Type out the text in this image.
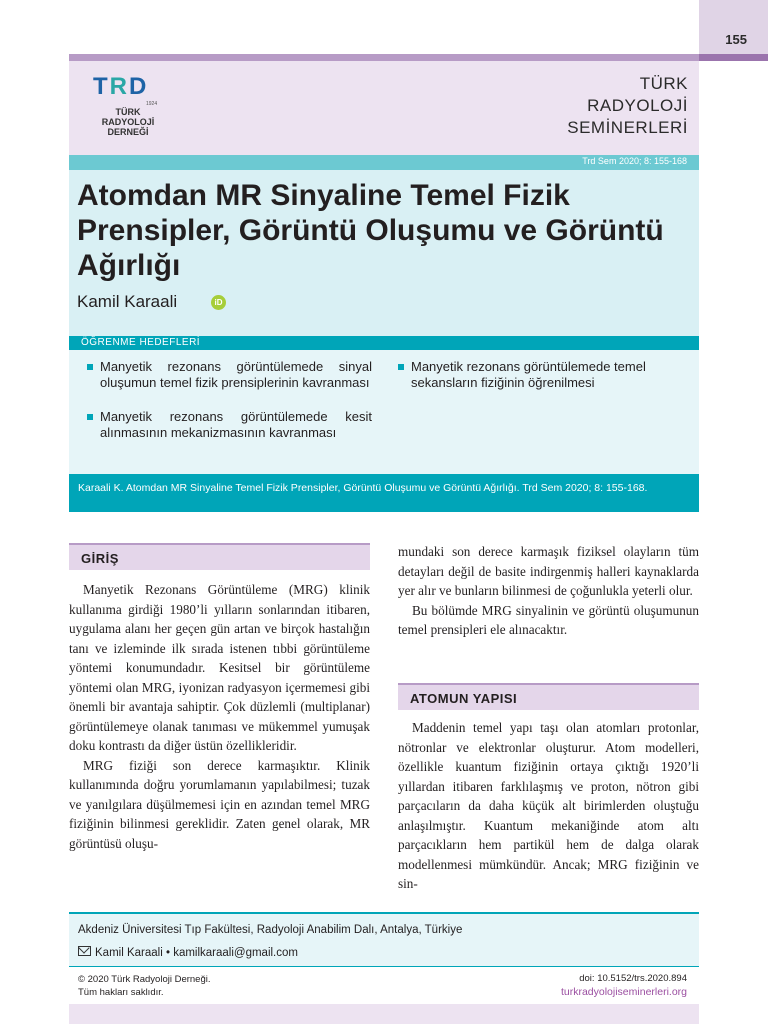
155
TRD
1924
TÜRK
RADYOLOJİ
DERNEĞİ
TÜRK
RADYOLOJİ
SEMİNERLERİ
Trd Sem 2020; 8: 155-168
Atomdan MR Sinyaline Temel Fizik Prensipler, Görüntü Oluşumu ve Görüntü Ağırlığı
Kamil Karaali	iD
ÖĞRENME HEDEFLERİ
Manyetik rezonans görüntülemede sinyal oluşumun temel fizik prensiplerinin kavranması
Manyetik rezonans görüntülemede kesit alınmasının mekanizmasının kavranması
Manyetik rezonans görüntülemede temel sekansların fiziğinin öğrenilmesi
Karaali K. Atomdan MR Sinyaline Temel Fizik Prensipler, Görüntü Oluşumu ve Görüntü Ağırlığı. Trd Sem 2020; 8: 155-168.
GİRİŞ

Manyetik Rezonans Görüntüleme (MRG) klinik kullanıma girdiği 1980’li yılların sonlarından itibaren, uygulama alanı her geçen gün artan ve birçok hastalığın tanı ve izleminde ilk sırada istenen tıbbi görüntüleme yöntemi konumundadır. Kesitsel bir görüntüleme yöntemi olan MRG, iyonizan radyasyon içermemesi gibi önemli bir avantaja sahiptir. Çok düzlemli (multiplanar) görüntülemeye olanak tanıması ve mükemmel yumuşak doku kontrastı da diğer üstün özellikleridir.

MRG fiziği son derece karmaşıktır. Klinik kullanımında doğru yorumlamanın yapılabilmesi; tuzak ve yanılgılara düşülmemesi için en azından temel MRG fiziğinin bilinmesi gereklidir. Zaten genel olarak, MR görüntüsü oluşu-

mundaki son derece karmaşık fiziksel olayların tüm detayları değil de basite indirgenmiş halleri kaynaklarda yer alır ve bunların bilinmesi de çoğunlukla yeterli olur.

Bu bölümde MRG sinyalinin ve görüntü oluşumunun temel prensipleri ele alınacaktır.

ATOMUN YAPISI

Maddenin temel yapı taşı olan atomları protonlar, nötronlar ve elektronlar oluşturur. Atom modelleri, özellikle kuantum fiziğinin ortaya çıktığı 1920’li yıllardan itibaren farklılaşmış ve proton, nötron gibi parçacıların da daha küçük alt birimlerden oluştuğu anlaşılmıştır. Kuantum mekaniğinde atom altı parçacıkların hem partikül hem de dalga olarak modellenmesi mümkündür. Ancak; MRG fiziğinin ve sin-

Akdeniz Üniversitesi Tıp Fakültesi, Radyoloji Anabilim Dalı, Antalya, Türkiye
Kamil Karaali • kamilkaraali@gmail.com
© 2020 Türk Radyoloji Derneği.
Tüm hakları saklıdır.
doi: 10.5152/trs.2020.894
turkradyolojiseminerleri.org
